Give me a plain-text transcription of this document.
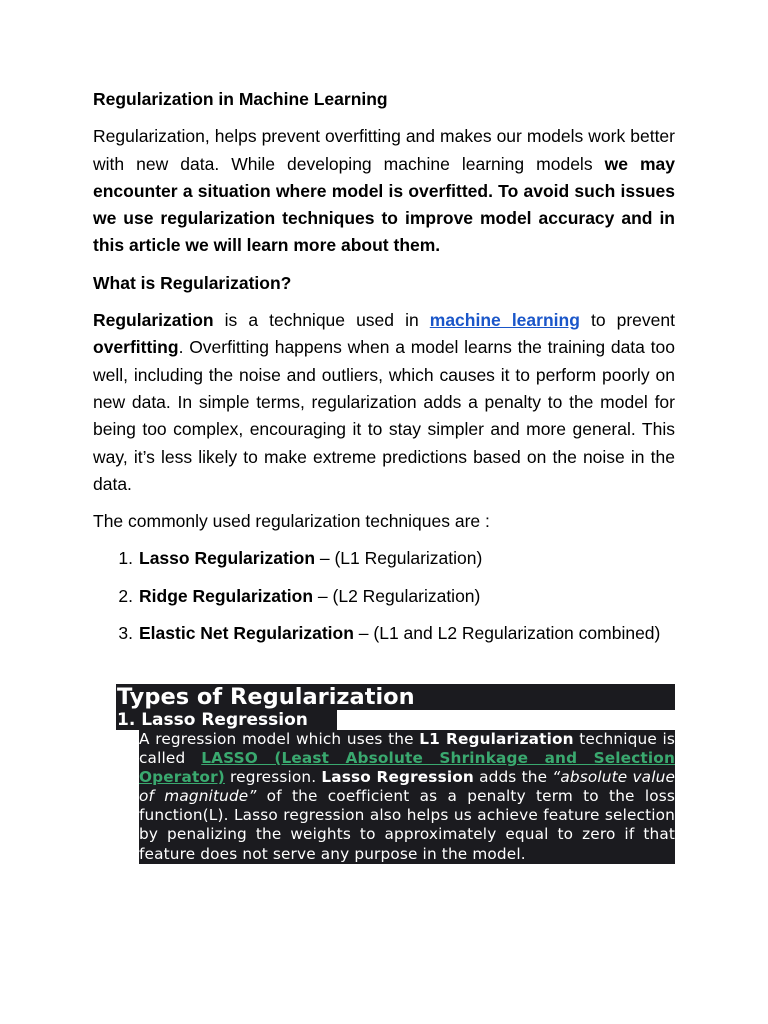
Regularization in Machine Learning

Regularization, helps prevent overfitting and makes our models work better with new data. While developing machine learning models we may encounter a situation where model is overfitted. To avoid such issues we use regularization techniques to improve model accuracy and in this article we will learn more about them.

What is Regularization?

Regularization is a technique used in machine learning to prevent overfitting. Overfitting happens when a model learns the training data too well, including the noise and outliers, which causes it to perform poorly on new data. In simple terms, regularization adds a penalty to the model for being too complex, encouraging it to stay simpler and more general. This way, it’s less likely to make extreme predictions based on the noise in the data.

The commonly used regularization techniques are :

1. Lasso Regularization – (L1 Regularization)
2. Ridge Regularization – (L2 Regularization)
3. Elastic Net Regularization – (L1 and L2 Regularization combined)
Types of Regularization
1. Lasso Regression
A regression model which uses the L1 Regularization technique is called LASSO (Least Absolute Shrinkage and Selection Operator) regression. Lasso Regression adds the “absolute value of magnitude” of the coefficient as a penalty term to the loss function(L). Lasso regression also helps us achieve feature selection by penalizing the weights to approximately equal to zero if that feature does not serve any purpose in the model.
